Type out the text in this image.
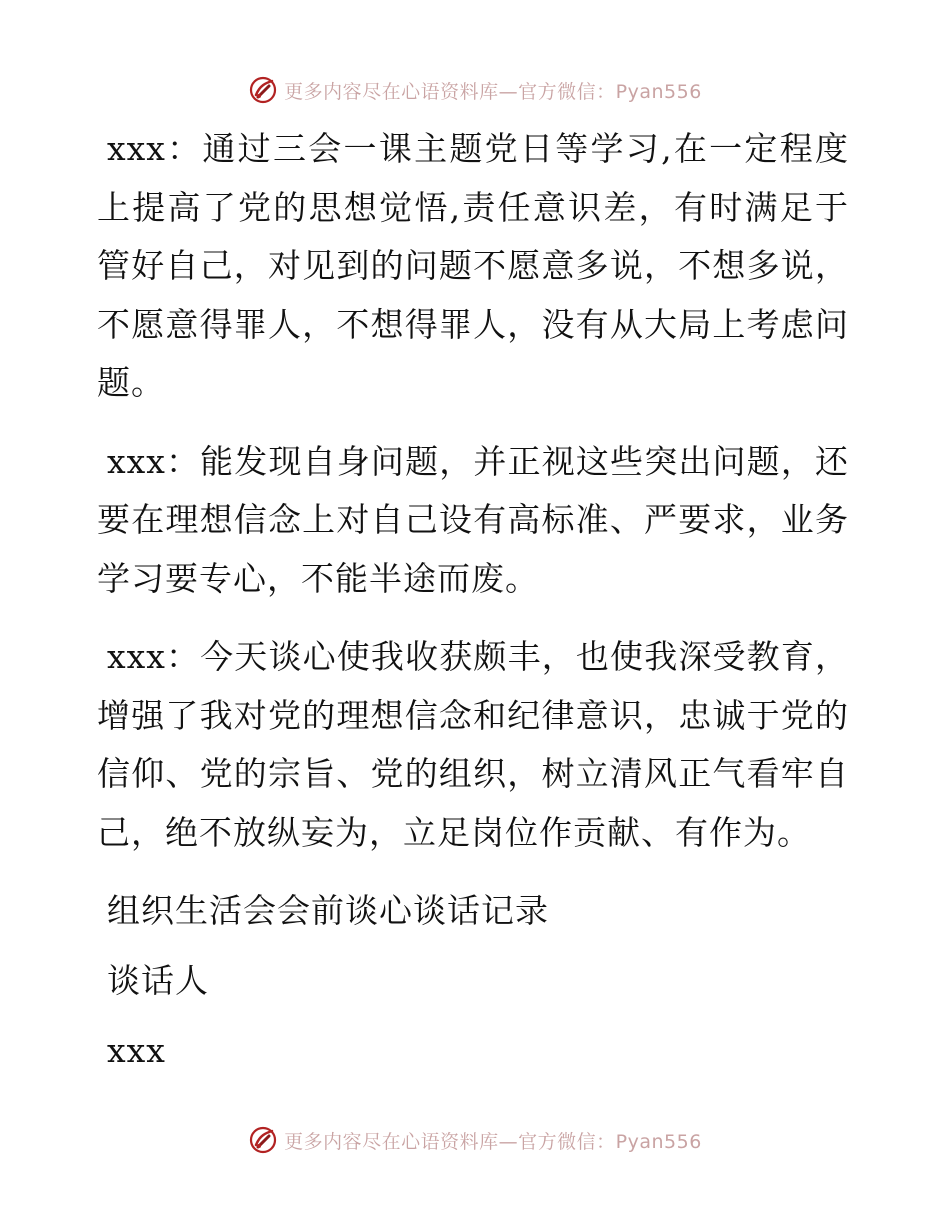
更多内容尽在心语资料库—官方微信：Pyan556

xxx：通过三会一课主题党日等学习,在一定程度上提高了党的思想觉悟,责任意识差，有时满足于管好自己，对见到的问题不愿意多说，不想多说，不愿意得罪人，不想得罪人，没有从大局上考虑问题。

xxx：能发现自身问题，并正视这些突出问题，还要在理想信念上对自己设有高标准、严要求，业务学习要专心，不能半途而废。

xxx：今天谈心使我收获颇丰，也使我深受教育，增强了我对党的理想信念和纪律意识，忠诚于党的信仰、党的宗旨、党的组织，树立清风正气看牢自己，绝不放纵妄为，立足岗位作贡献、有作为。

组织生活会会前谈心谈话记录

谈话人

xxx

更多内容尽在心语资料库—官方微信：Pyan556
